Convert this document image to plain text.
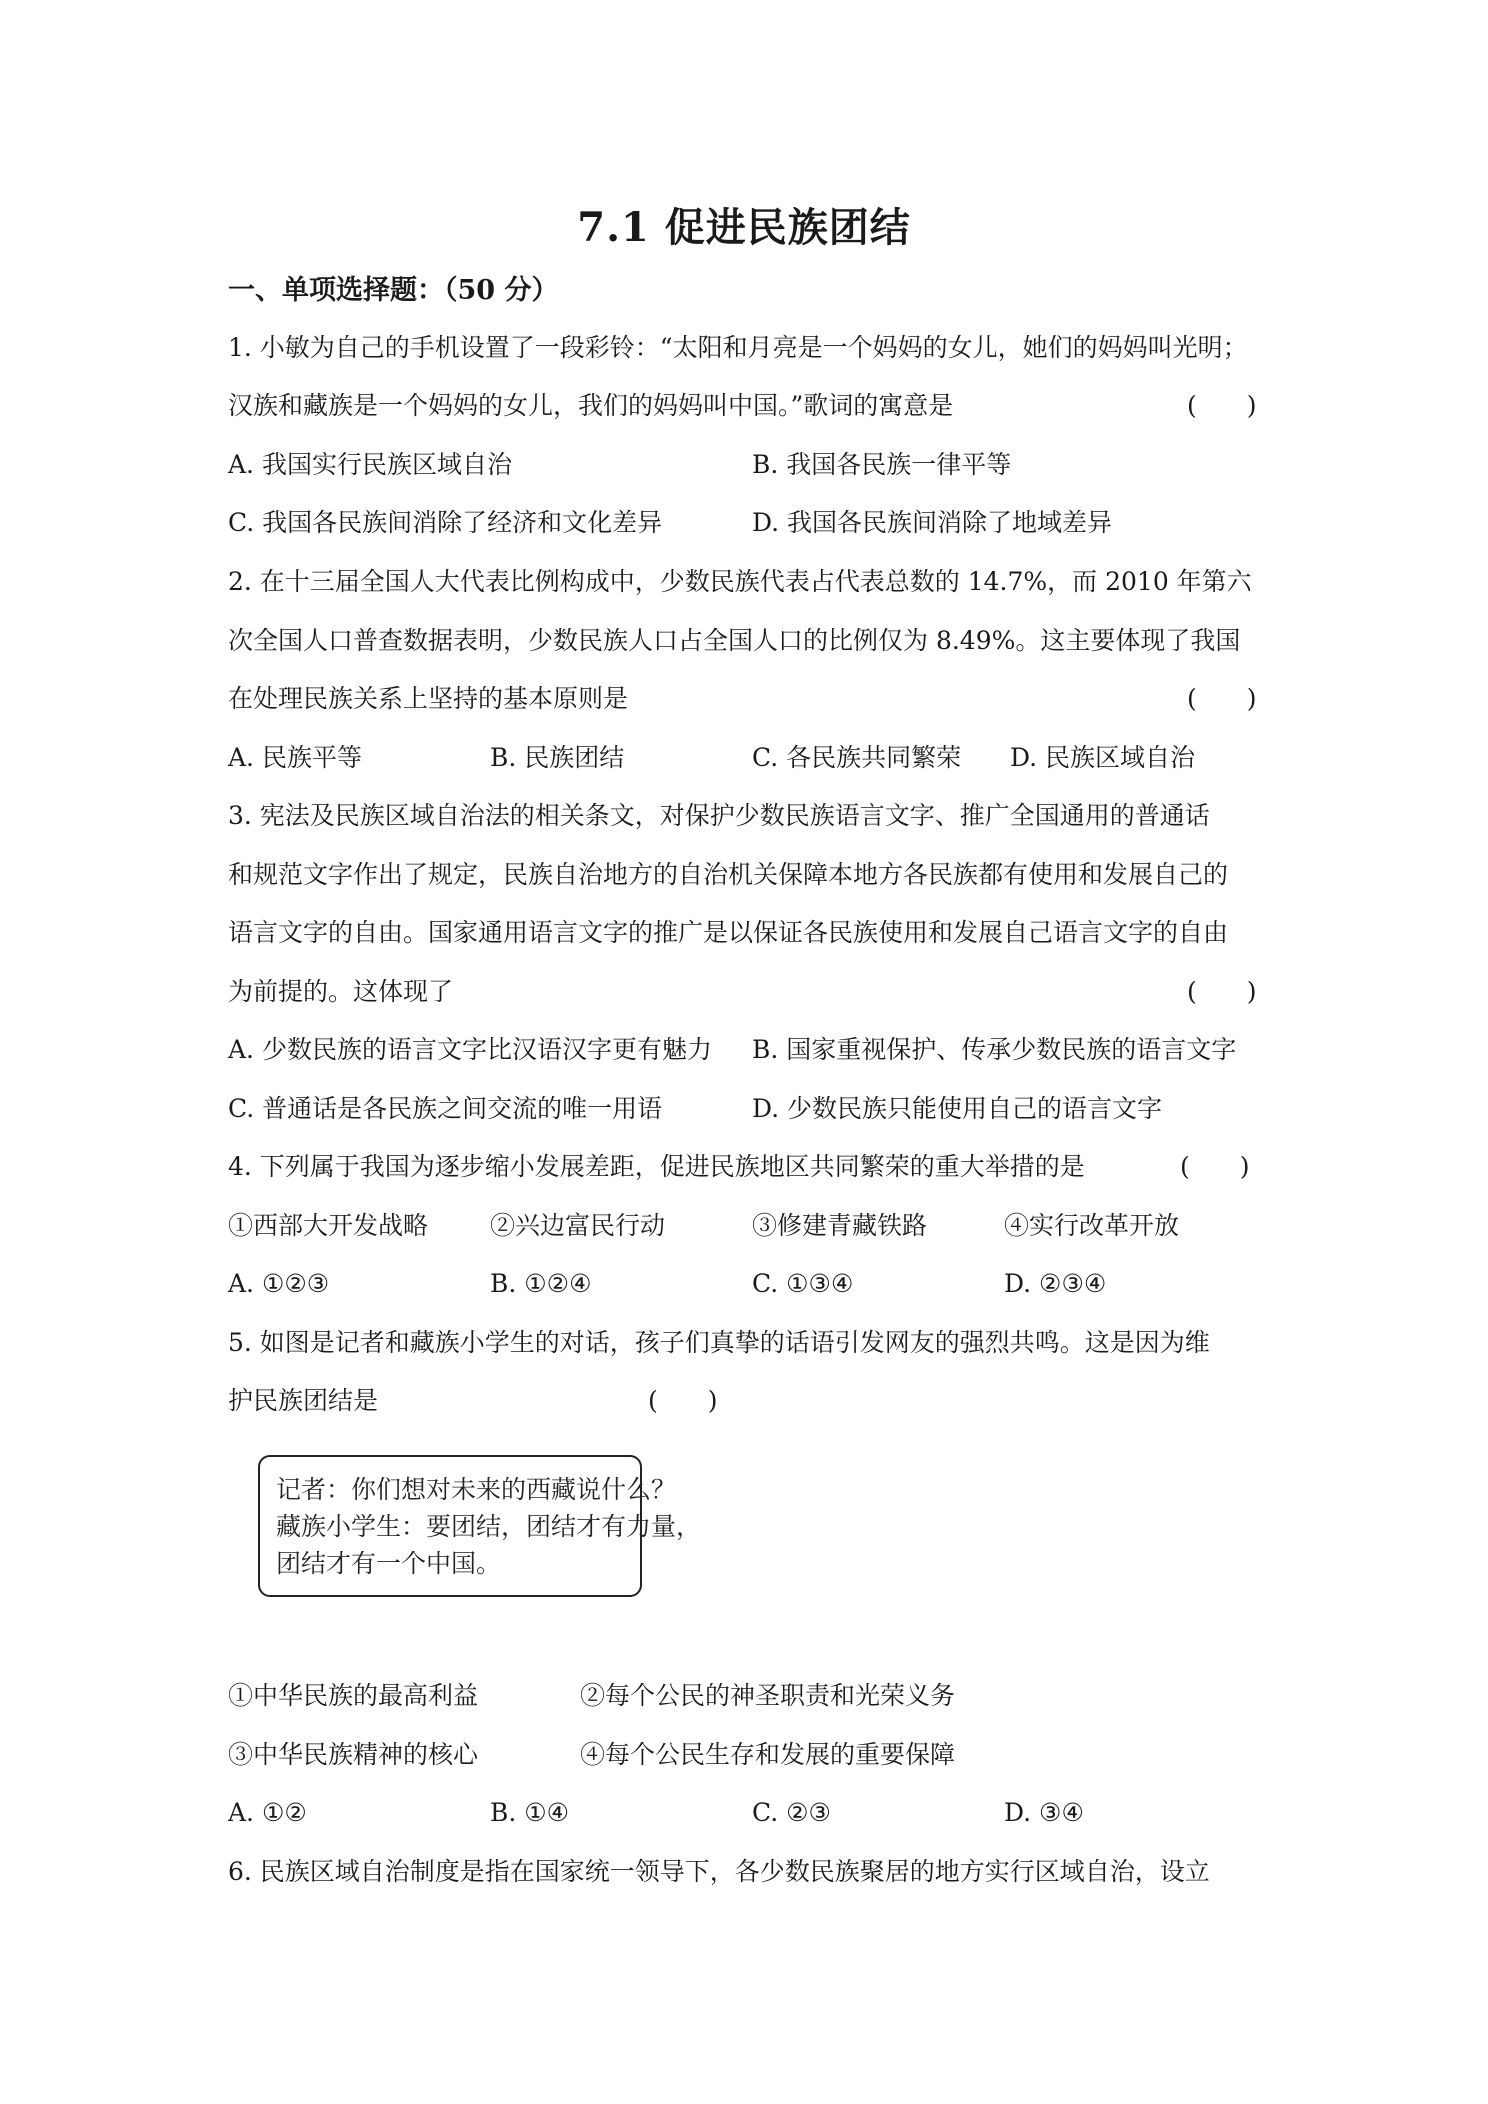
7.1 促进民族团结
一、单项选择题：（50 分）
1. 小敏为自己的手机设置了一段彩铃：“太阳和月亮是一个妈妈的女儿，她们的妈妈叫光明；
汉族和藏族是一个妈妈的女儿，我们的妈妈叫中国。”歌词的寓意是	(　　)
A. 我国实行民族区域自治	B. 我国各民族一律平等
C. 我国各民族间消除了经济和文化差异	D. 我国各民族间消除了地域差异
2. 在十三届全国人大代表比例构成中，少数民族代表占代表总数的 14.7%，而 2010 年第六
次全国人口普查数据表明，少数民族人口占全国人口的比例仅为 8.49%。这主要体现了我国
在处理民族关系上坚持的基本原则是	(　　)
A. 民族平等	B. 民族团结	C. 各民族共同繁荣 D. 民族区域自治
3. 宪法及民族区域自治法的相关条文，对保护少数民族语言文字、推广全国通用的普通话
和规范文字作出了规定，民族自治地方的自治机关保障本地方各民族都有使用和发展自己的
语言文字的自由。国家通用语言文字的推广是以保证各民族使用和发展自己语言文字的自由
为前提的。这体现了	(　　)
A. 少数民族的语言文字比汉语汉字更有魅力 B. 国家重视保护、传承少数民族的语言文字
C. 普通话是各民族之间交流的唯一用语	D. 少数民族只能使用自己的语言文字
4. 下列属于我国为逐步缩小发展差距，促进民族地区共同繁荣的重大举措的是	(　　)
①西部大开发战略 ②兴边富民行动	③修建青藏铁路	④实行改革开放
A. ①②③	B. ①②④	C. ①③④	D. ②③④
5. 如图是记者和藏族小学生的对话，孩子们真挚的话语引发网友的强烈共鸣。这是因为维
护民族团结是	(　　)
记者：你们想对未来的西藏说什么？
藏族小学生：要团结，团结才有力量，
团结才有一个中国。
①中华民族的最高利益	②每个公民的神圣职责和光荣义务
③中华民族精神的核心	④每个公民生存和发展的重要保障
A. ①②	B. ①④	C. ②③	D. ③④
6. 民族区域自治制度是指在国家统一领导下，各少数民族聚居的地方实行区域自治，设立
